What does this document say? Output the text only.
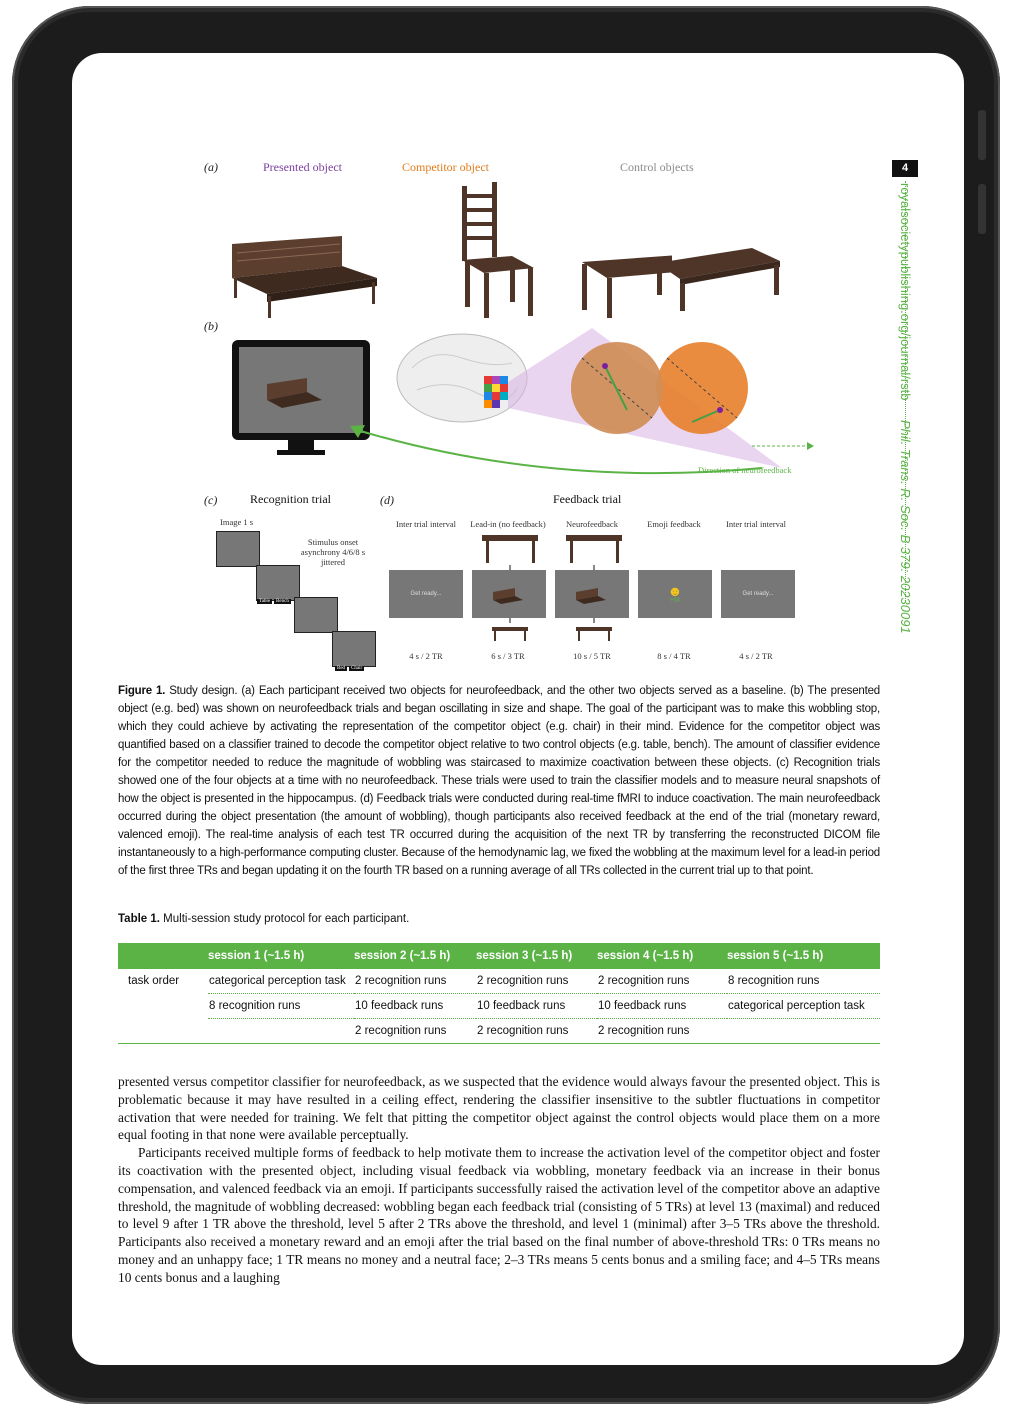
4
royalsocietypublishing.org/journal/rstb Phil. Trans. R. Soc. B 379: 20230091
(a)	Presented object	Competitor object	Control objects
(b)
Direction of neurofeedback
(c)	Recognition trial
Image 1 s
Stimulus onset asynchrony 4/6/8 s jittered
Table	Bench
Bed	Chair
(d)	Feedback trial
Inter trial interval	Lead-in (no feedback)	Neurofeedback	Emoji feedback	Inter trial interval
Get ready...	☻
+5¢
Get ready...
4 s / 2 TR	6 s / 3 TR	10 s / 5 TR	8 s / 4 TR	4 s / 2 TR
Figure 1. Study design. (a) Each participant received two objects for neurofeedback, and the other two objects served as a baseline. (b) The presented object (e.g. bed) was shown on neurofeedback trials and began oscillating in size and shape. The goal of the participant was to make this wobbling stop, which they could achieve by activating the representation of the competitor object (e.g. chair) in their mind. Evidence for the competitor object was quantified based on a classifier trained to decode the competitor object relative to two control objects (e.g. table, bench). The amount of classifier evidence for the competitor needed to reduce the magnitude of wobbling was staircased to maximize coactivation between these objects. (c) Recognition trials showed one of the four objects at a time with no neurofeedback. These trials were used to train the classifier models and to measure neural snapshots of how the object is presented in the hippocampus. (d) Feedback trials were conducted during real-time fMRI to induce coactivation. The main neurofeedback occurred during the object presentation (the amount of wobbling), though participants also received feedback at the end of the trial (monetary reward, valenced emoji). The real-time analysis of each test TR occurred during the acquisition of the next TR by transferring the reconstructed DICOM file instantaneously to a high-performance computing cluster. Because of the hemodynamic lag, we fixed the wobbling at the maximum level for a lead-in period of the first three TRs and began updating it on the fourth TR based on a running average of all TRs collected in the current trial up to that point.
Table 1. Multi-session study protocol for each participant.
	session 1 (~1.5 h)	session 2 (~1.5 h)	session 3 (~1.5 h)	session 4 (~1.5 h)	session 5 (~1.5 h)
task order	categorical perception task	2 recognition runs	2 recognition runs	2 recognition runs	8 recognition runs
	8 recognition runs	10 feedback runs	10 feedback runs	10 feedback runs	categorical perception task
		2 recognition runs	2 recognition runs	2 recognition runs	

presented versus competitor classifier for neurofeedback, as we suspected that the evidence would always favour the presented object. This is problematic because it may have resulted in a ceiling effect, rendering the classifier insensitive to the subtler fluctuations in competitor activation that were needed for training. We felt that pitting the competitor object against the control objects would place them on a more equal footing in that none were available perceptually.

Participants received multiple forms of feedback to help motivate them to increase the activation level of the competitor object and foster its coactivation with the presented object, including visual feedback via wobbling, monetary feedback via an increase in their bonus compensation, and valenced feedback via an emoji. If participants successfully raised the activation level of the competitor above an adaptive threshold, the magnitude of wobbling decreased: wobbling began each feedback trial (consisting of 5 TRs) at level 13 (maximal) and reduced to level 9 after 1 TR above the threshold, level 5 after 2 TRs above the threshold, and level 1 (minimal) after 3–5 TRs above the threshold. Participants also received a monetary reward and an emoji after the trial based on the final number of above-threshold TRs: 0 TRs means no money and an unhappy face; 1 TR means no money and a neutral face; 2–3 TRs means 5 cents bonus and a smiling face; and 4–5 TRs means 10 cents bonus and a laughing
